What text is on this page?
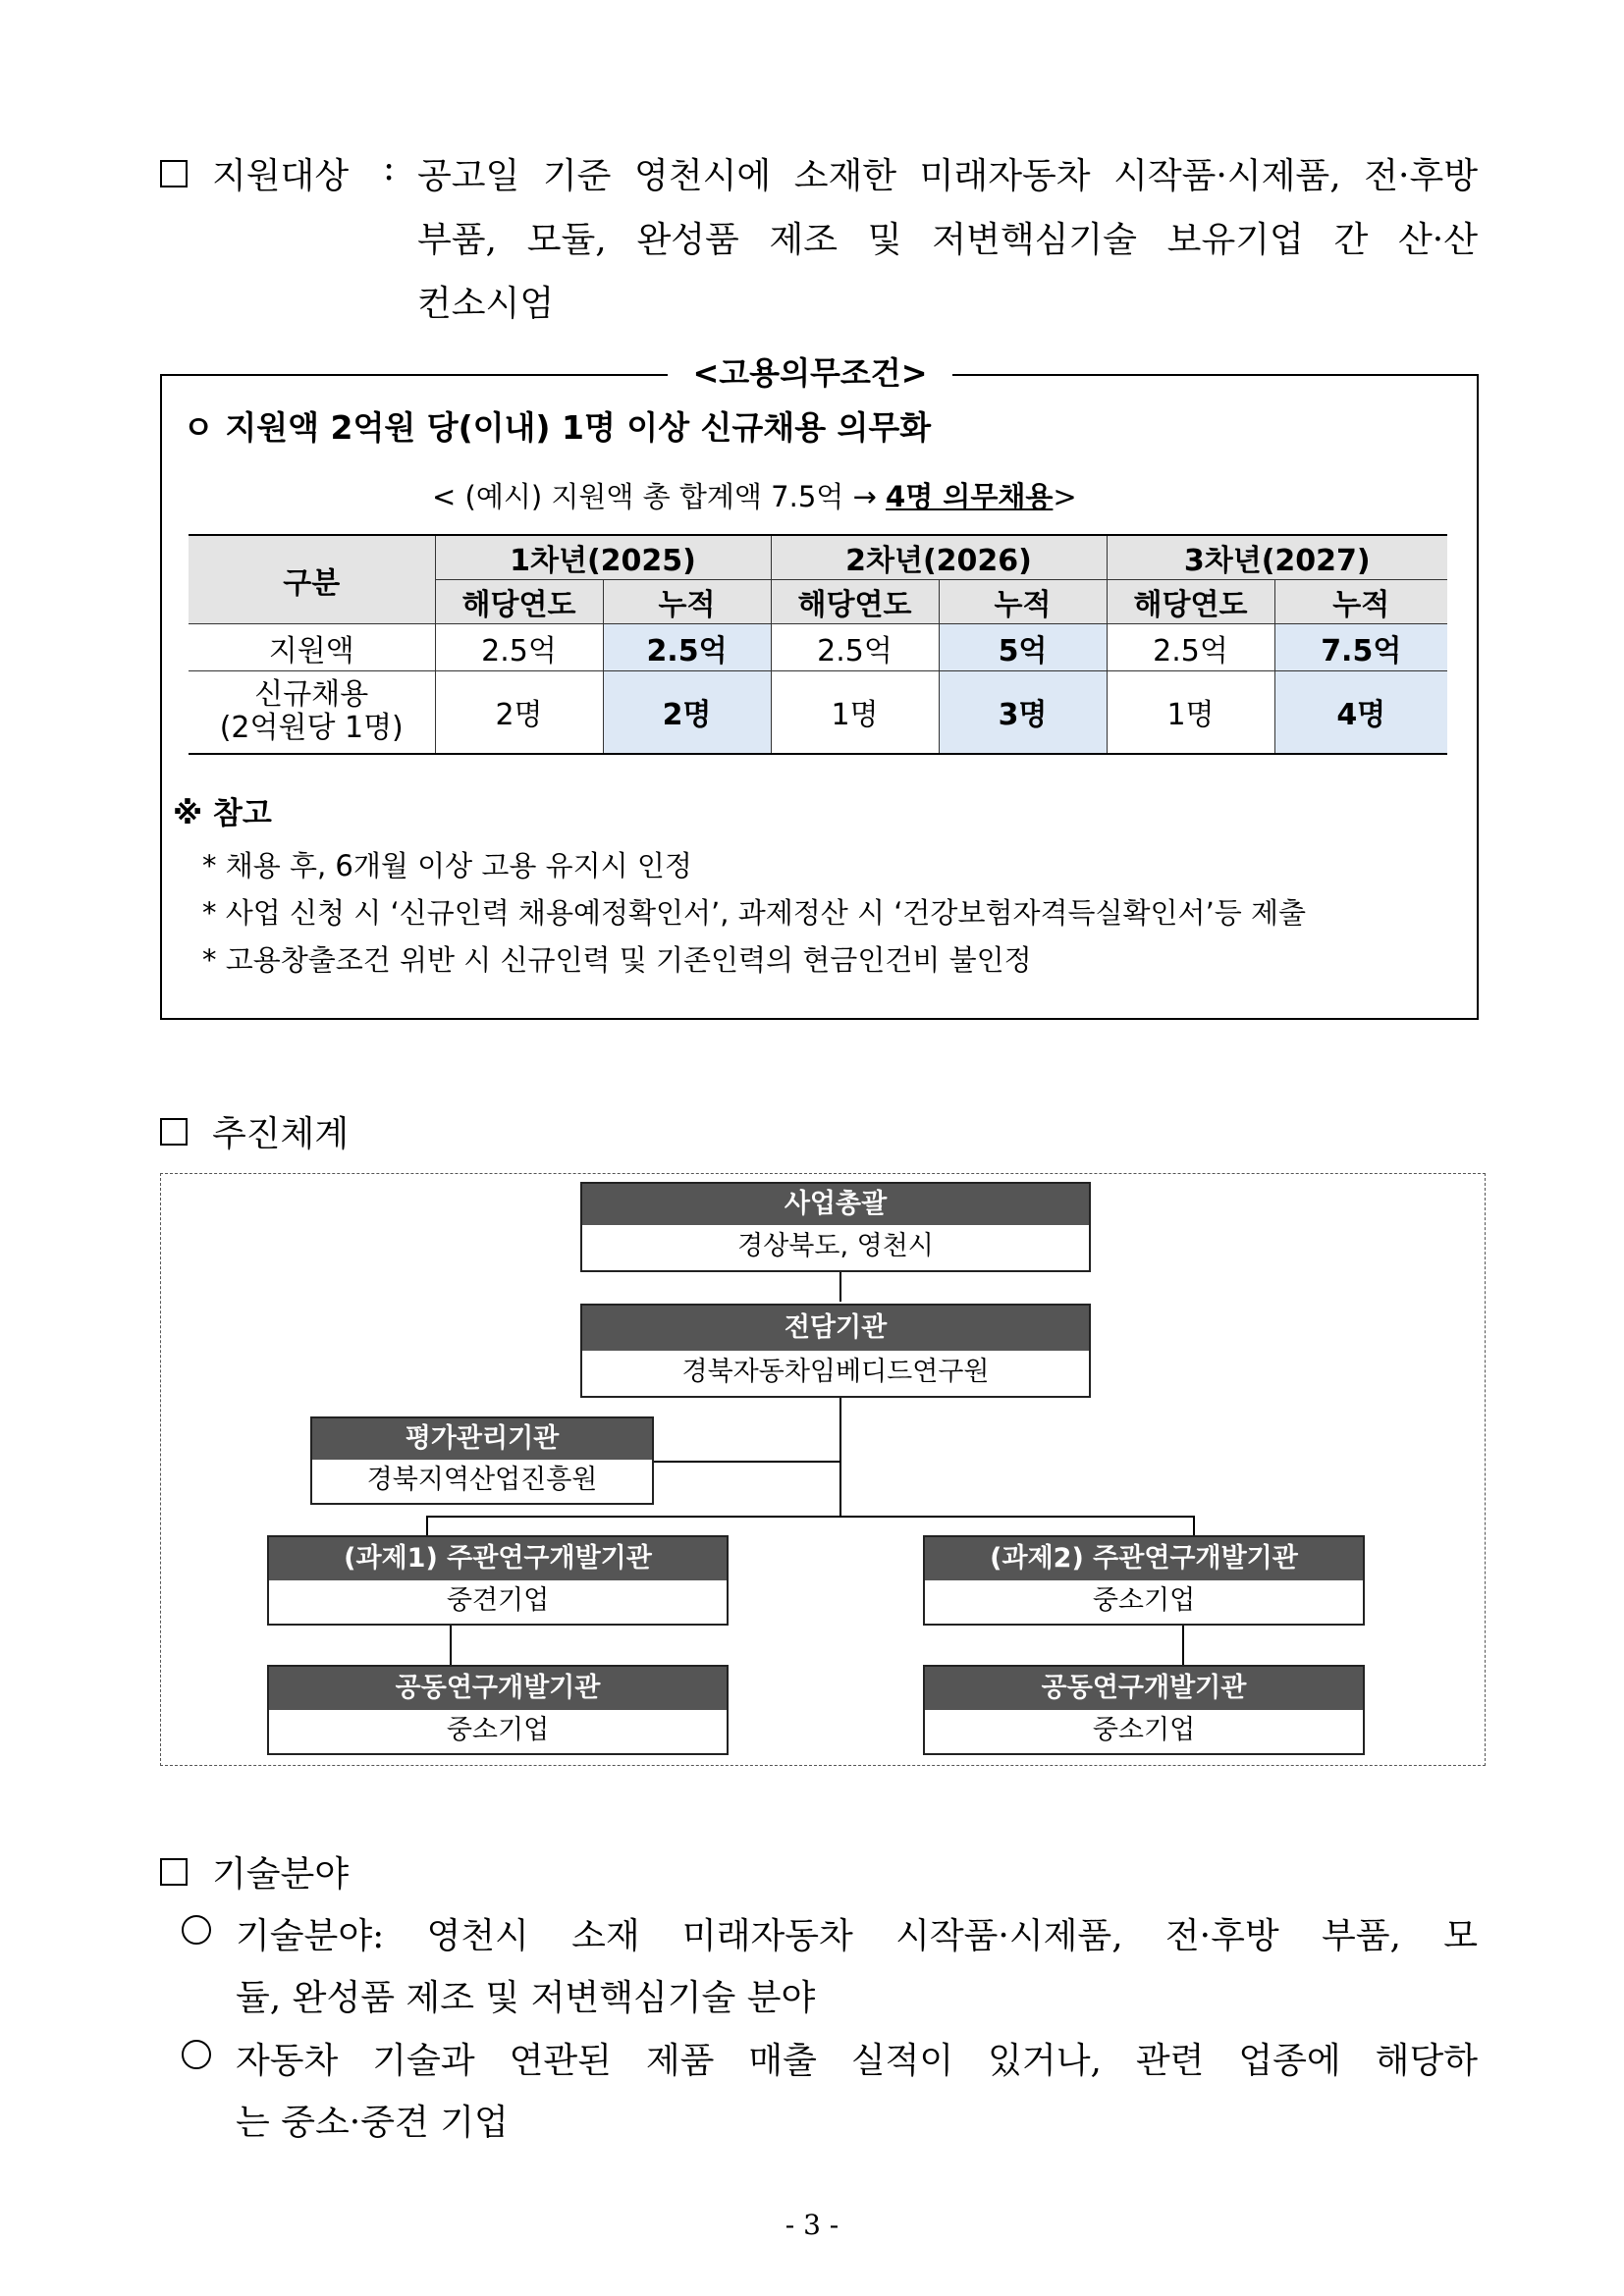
지원대상 : 공고일 기준 영천시에 소재한 미래자동차 시작품·시제품, 전·후방
부품, 모듈, 완성품 제조 및 저변핵심기술 보유기업 간 산·산
컨소시엄
<고용의무조건>
ㅇ 지원액 2억원 당(이내) 1명 이상 신규채용 의무화
< (예시) 지원액 총 합계액 7.5억 → 4명 의무채용>
구분	1차년(2025)		2차년(2026)		3차년(2027)	
	해당연도	누적	해당연도	누적	해당연도	누적
지원액	2.5억	2.5억	2.5억	5억	2.5억	7.5억

신규채용
(2억원당 1명)	2명	2명	1명	3명	1명	4명
※ 참고
* 채용 후, 6개월 이상 고용 유지시 인정
* 사업 신청 시 ‘신규인력 채용예정확인서’, 과제정산 시 ‘건강보험자격득실확인서’등 제출
* 고용창출조건 위반 시 신규인력 및 기존인력의 현금인건비 불인정
추진체계
사업총괄
경상북도, 영천시
전담기관
경북자동차임베디드연구원
평가관리기관
경북지역산업진흥원
(과제1) 주관연구개발기관
중견기업
(과제2) 주관연구개발기관
중소기업
공동연구개발기관
중소기업
공동연구개발기관
중소기업
기술분야
기술분야: 영천시 소재 미래자동차 시작품·시제품, 전·후방 부품, 모
듈, 완성품 제조 및 저변핵심기술 분야
자동차 기술과 연관된 제품 매출 실적이 있거나, 관련 업종에 해당하
는 중소·중견 기업
- 3 -
